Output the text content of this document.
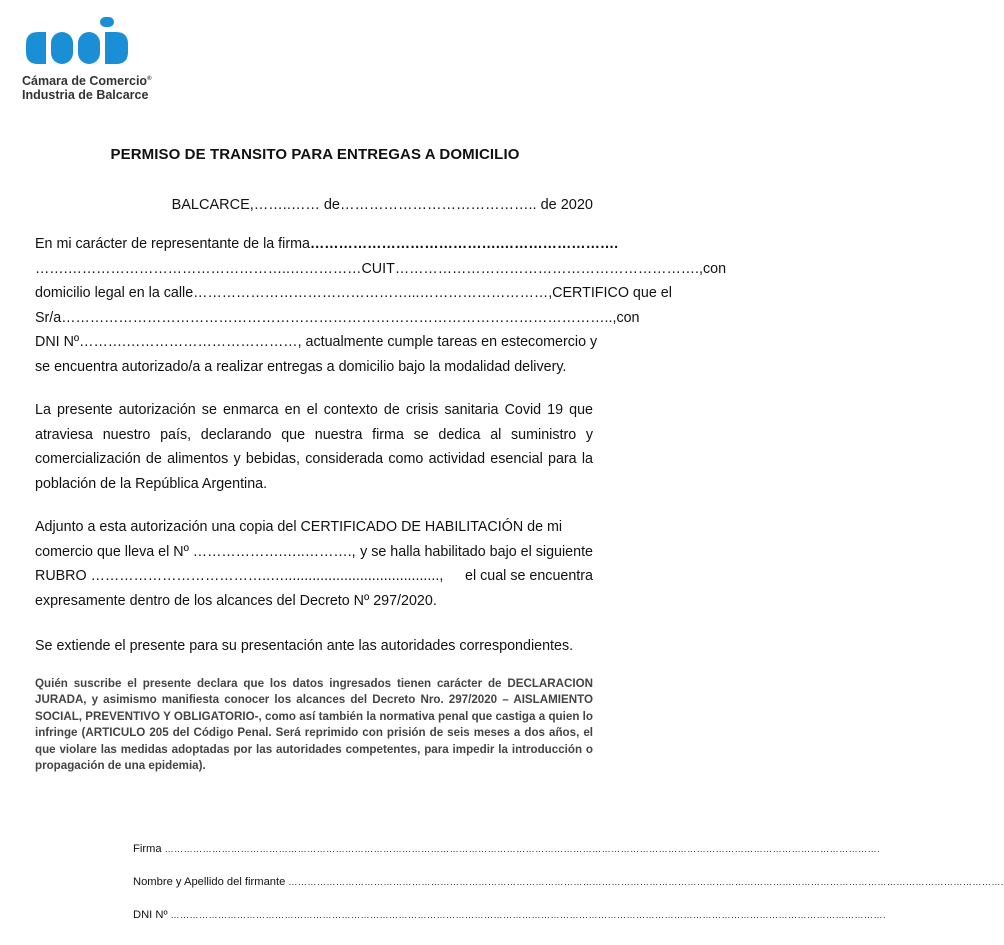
Cámara de Comercio®
Industria de Balcarce
PERMISO DE TRANSITO PARA ENTREGAS A DOMICILIO
BALCARCE,……..…… de………………………………….. de 2020
En mi carácter de representante de la firma ………………………………….…………………….
…….………………………………………..…………… CUIT ………………………………………………………., con
domicilio legal en la calle ………………………………………...………………………, CERTIFICO que el
Sr/a …………………………………………………………………………………………………….., con
DNI Nº ……….………………………………, actualmente cumple tareas en este comercio y
se encuentra autorizado/a a realizar entregas a domicilio bajo la modalidad delivery.
La presente autorización se enmarca en el contexto de crisis sanitaria Covid 19 que atraviesa nuestro país, declarando que nuestra firma se dedica al suministro y comercialización de alimentos y bebidas, considerada como actividad esencial para la población de la República Argentina.
Adjunto a esta autorización una copia del CERTIFICADO DE HABILITACIÓN de mi
comercio que lleva el Nº ……………….…..………., y se halla habilitado bajo el siguiente
RUBRO ………………………………..…......................................., el cual se encuentra
expresamente dentro de los alcances del Decreto Nº 297/2020.
Se extiende el presente para su presentación ante las autoridades correspondientes.
Quién suscribe el presente declara que los datos ingresados tienen carácter de DECLARACION JURADA, y asimismo manifiesta conocer los alcances del Decreto Nro. 297/2020 – AISLAMIENTO SOCIAL, PREVENTIVO Y OBLIGATORIO-, como así también la normativa penal que castiga a quien lo infringe (ARTICULO 205 del Código Penal. Será reprimido con prisión de seis meses a dos años, el que violare las medidas adoptadas por las autoridades competentes, para impedir la introducción o propagación de una epidemia).
Firma ……………………………………………………………………………………………………………………………………………………………………………………………………….
Nombre y Apellido del firmante ……………………………………………………………………………………………………………………………………………………………………………………………………….
DNI Nº ……………………………………………………………………………………………………………………………………………………………………………………………………….
